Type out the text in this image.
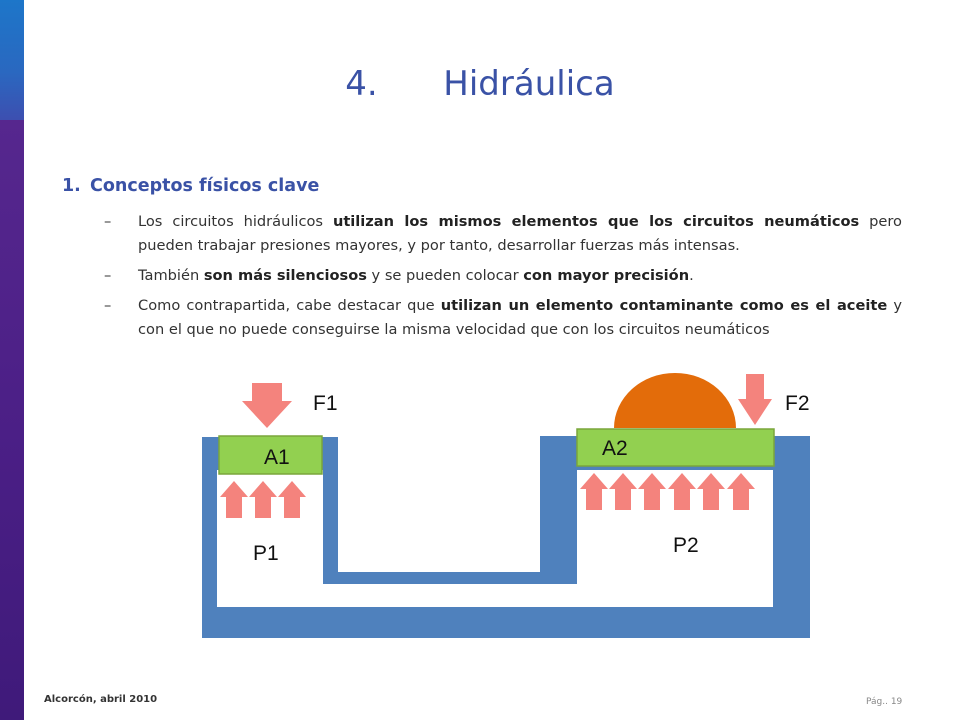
4. Hidráulica
1. Conceptos físicos clave
– Los circuitos hidráulicos utilizan los mismos elementos que los circuitos neumáticos pero pueden trabajar presiones mayores, y por tanto, desarrollar fuerzas más intensas.
– También son más silenciosos y se pueden colocar con mayor precisión.
– Como contrapartida, cabe destacar que utilizan un elemento contaminante como es el aceite y con el que no puede conseguirse la misma velocidad que con los circuitos neumáticos
F1	F2
A1	A2
P1	P2
Alcorcón, abril 2010	Pág.. 19
